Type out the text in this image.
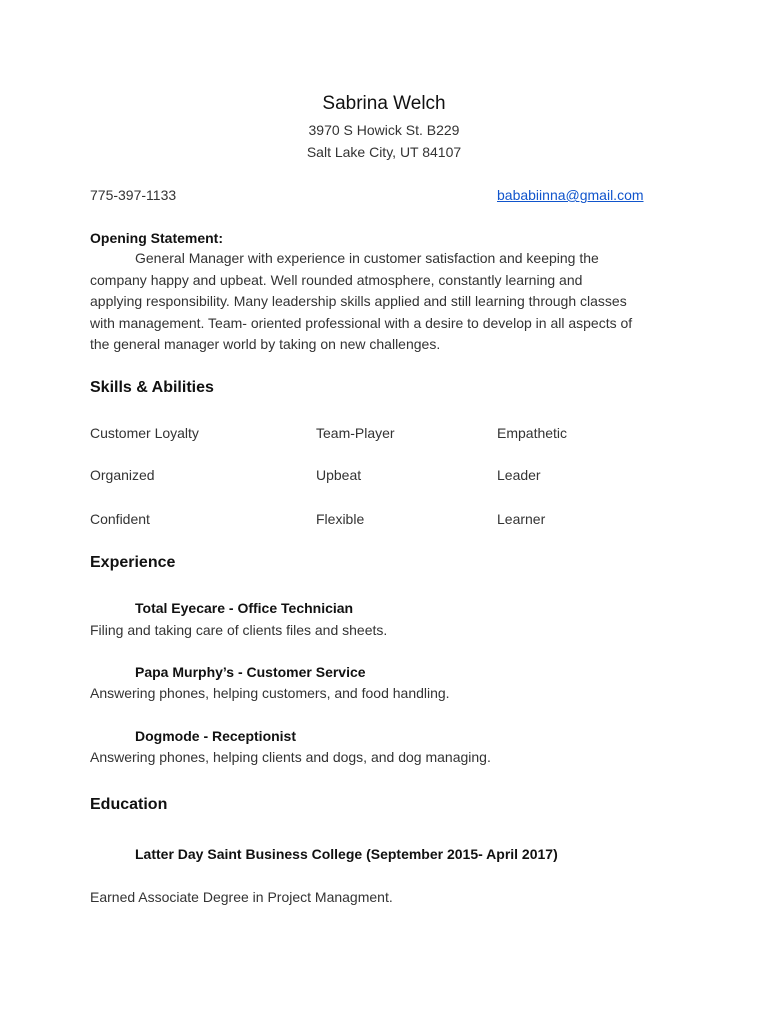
Sabrina Welch
3970 S Howick St. B229
Salt Lake City, UT 84107
775-397-1133	bababiinna@gmail.com
Opening Statement:
General Manager with experience in customer satisfaction and keeping the
company happy and upbeat. Well rounded atmosphere, constantly learning and
applying responsibility. Many leadership skills applied and still learning through classes
with management. Team- oriented professional with a desire to develop in all aspects of
the general manager world by taking on new challenges.
Skills & Abilities
Customer Loyalty	Team-Player	Empathetic
Organized	Upbeat	Leader
Confident	Flexible	Learner
Experience
Total Eyecare - Office Technician
Filing and taking care of clients files and sheets.
Papa Murphy’s - Customer Service
Answering phones, helping customers, and food handling.
Dogmode - Receptionist
Answering phones, helping clients and dogs, and dog managing.
Education
Latter Day Saint Business College (September 2015- April 2017)
Earned Associate Degree in Project Managment.
